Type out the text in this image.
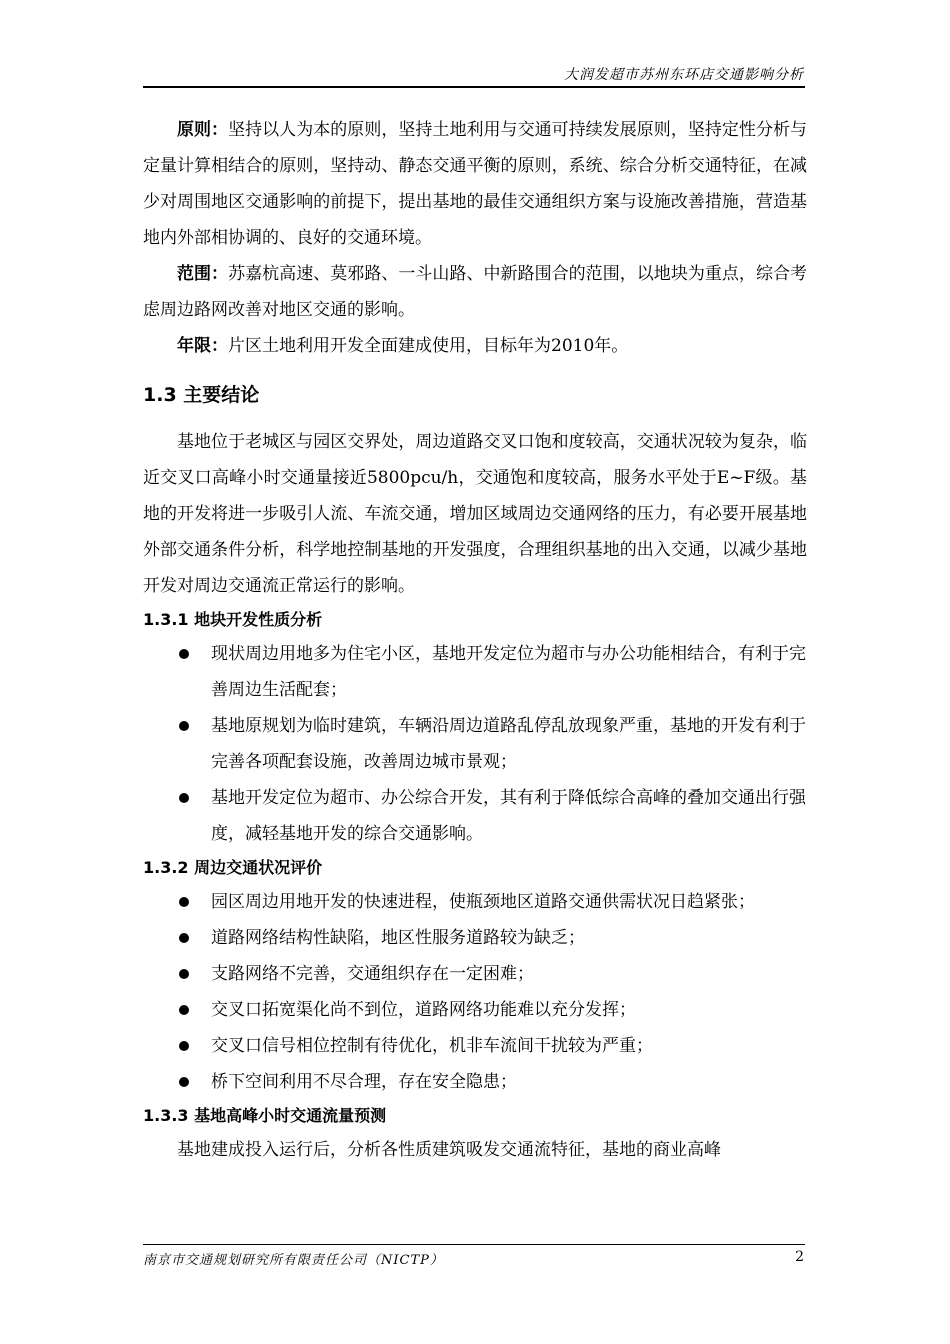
大润发超市苏州东环店交通影响分析

原则：坚持以人为本的原则，坚持土地利用与交通可持续发展原则，坚持定性分析与定量计算相结合的原则，坚持动、静态交通平衡的原则，系统、综合分析交通特征，在减少对周围地区交通影响的前提下，提出基地的最佳交通组织方案与设施改善措施，营造基地内外部相协调的、良好的交通环境。

范围：苏嘉杭高速、莫邪路、一斗山路、中新路围合的范围，以地块为重点，综合考虑周边路网改善对地区交通的影响。

年限：片区土地利用开发全面建成使用，目标年为2010年。

1.3 主要结论

基地位于老城区与园区交界处，周边道路交叉口饱和度较高，交通状况较为复杂，临近交叉口高峰小时交通量接近5800pcu/h，交通饱和度较高，服务水平处于E~F级。基地的开发将进一步吸引人流、车流交通，增加区域周边交通网络的压力，有必要开展基地外部交通条件分析，科学地控制基地的开发强度，合理组织基地的出入交通，以减少基地开发对周边交通流正常运行的影响。

1.3.1 地块开发性质分析
现状周边用地多为住宅小区，基地开发定位为超市与办公功能相结合，有利于完善周边生活配套；
基地原规划为临时建筑，车辆沿周边道路乱停乱放现象严重，基地的开发有利于完善各项配套设施，改善周边城市景观；
基地开发定位为超市、办公综合开发，其有利于降低综合高峰的叠加交通出行强度，减轻基地开发的综合交通影响。
1.3.2 周边交通状况评价
园区周边用地开发的快速进程，使瓶颈地区道路交通供需状况日趋紧张；
道路网络结构性缺陷，地区性服务道路较为缺乏；
支路网络不完善，交通组织存在一定困难；
交叉口拓宽渠化尚不到位，道路网络功能难以充分发挥；
交叉口信号相位控制有待优化，机非车流间干扰较为严重；
桥下空间利用不尽合理，存在安全隐患；
1.3.3 基地高峰小时交通流量预测

基地建成投入运行后，分析各性质建筑吸发交通流特征，基地的商业高峰

南京市交通规划研究所有限责任公司（NICTP）	2
